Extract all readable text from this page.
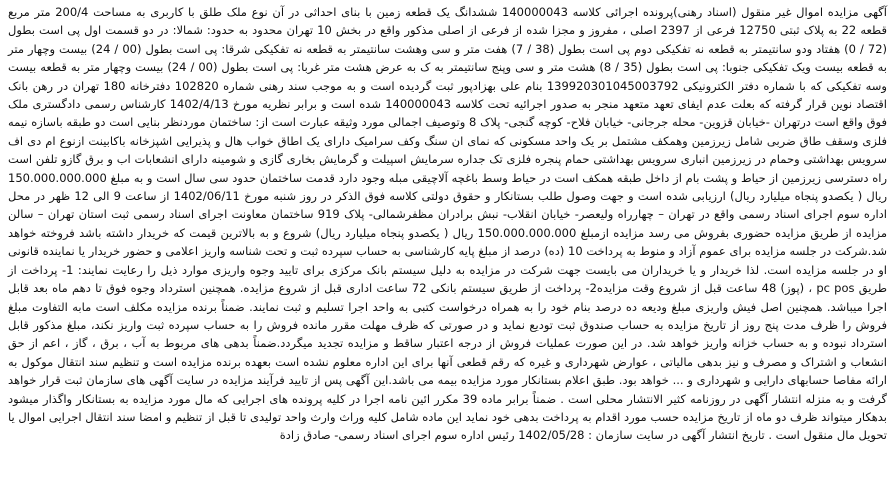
آگهی مزایده اموال غیر منقول (اسناد رهنی)پرونده اجرائی کلاسه 140000043 ششدانگ یک قطعه زمین با بنای احداثی در آن نوع ملک طلق با کاربری به مساحت 200/4 متر مربع قطعه 22 به پلاک ثبتی 12750 فرعی از 2397 اصلی ، مفروز و مجزا شده از فرعی از اصلی مذکور واقع در بخش 10 تهران محدود به حدود: شمالا: در دو قسمت اول پی است بطول (72 / 0) هفتاد ودو سانتیمتر به قطعه نه تفکیکی دوم پی است بطول (38 / 7) هفت متر و سی وهشت سانتیمتر به قطعه نه تفکیکی شرقا: پی است بطول (00 / 24) بیست وچهار متر به قطعه بیست ویک تفکیکی جنوبا: پی است بطول (35 / 8) هشت متر و سی وپنج سانتیمتر به ک به عرض هشت متر غربا: پی است بطول (00 / 24) بیست وچهار متر به قطعه بیست وسه تفکیکی که با شماره دفتر الکترونیکی 139920301045003792 بنام علی بهزادپور ثبت گردیده است و به موجب سند رهنی شماره 102820 دفترخانه 180 تهران در رهن بانک اقتصاد نوین قرار گرفته که بعلت عدم ایفای تعهد متعهد منجر به صدور اجرائیه تحت کلاسه 140000043 شده است و برابر نظریه مورخ 1402/4/13 کارشناس رسمی دادگستری ملک فوق واقع است درتهران -خیابان قزوین- محله جرجانی- خیابان فلاح- کوچه گنجی- پلاک 8 وتوصیف اجمالی مورد وثیقه عبارت است از: ساختمان موردنظر بنایی است دو طبقه باسازه نیمه فلزی وسقف طاق ضربی شامل زیرزمین وهمکف مشتمل بر یک واحد مسکونی که نمای ان سنگ وکف سرامیک دارای یک اطاق خواب هال و پذیرایی اشپزخانه باکابینت ازنوع ام دی اف سرویس بهداشتی وحمام در زیرزمین انباری سرویس بهداشتی حمام پنجره فلزی تک جداره سرمایش اسپیلت و گرمایش بخاری گازی و شومینه دارای انشعابات اب و برق گازو تلفن است راه دسترسی زیرزمین از حیاط و پشت بام از داخل طبقه همکف است در حیاط وسط باغچه آلاچیقی مبله وجود دارد قدمت ساختمان حدود سی سال است و به مبلغ 150.000.000.000 ریال ( یکصدو پنجاه میلیارد ریال) ارزیابی شده است و جهت وصول طلب بستانکار و حقوق دولتی کلاسه فوق الذکر در روز شنبه مورخ 1402/06/11 از ساعت 9 الی 12 ظهر در محل اداره سوم اجرای اسناد رسمی واقع در تهران – چهارراه ولیعصر- خیابان انقلاب- نبش برادران مظفرشمالی- پلاک 919 ساختمان معاونت اجرای اسناد رسمی ثبت استان تهران – سالن مزایده از طریق مزایده حضوری بفروش می رسد مزایده ازمبلغ 150.000.000.000 ریال ( یکصدو پنجاه میلیارد ریال) شروع و به بالاترین قیمت که خریدار داشته باشد فروخته خواهد شد.شرکت در جلسه مزایده برای عموم آزاد و منوط به پرداخت 10 (ده) درصد از مبلغ پایه کارشناسی به حساب سپرده ثبت و تحت شناسه واریز اعلامی و حضور خریدار یا نماینده قانونی او در جلسه مزایده است. لذا خریدار و یا خریداران می بایست جهت شرکت در مزایده به دلیل سیستم بانک مرکزی برای تایید وجوه واریزی موارد ذیل را رعایت نمایند: 1- پرداخت از طریق pc pos ، (پوز) 48 ساعت قبل از شروع وقت مزایده2- پرداخت از طریق سیستم بانکی 72 ساعت اداری قبل از شروع مزایده. همچنین استرداد وجوه فوق تا دهم ماه بعد قابل اجرا میباشد. همچنین اصل فیش واریزی مبلغ ودیعه ده درصد بنام خود را به همراه درخواست کتبی به واحد اجرا تسلیم و ثبت نمایند. ضمناً برنده مزایده مکلف است مابه التفاوت مبلغ فروش را ظرف مدت پنج روز از تاریخ مزایده به حساب صندوق ثبت تودیع نماید و در صورتی که ظرف مهلت مقرر مانده فروش را به حساب سپرده ثبت واریز نکند، مبلغ مذکور قابل استرداد نبوده و به حساب خزانه واریز خواهد شد. در این صورت عملیات فروش از درجه اعتبار ساقط و مزایده تجدید میگردد.ضمناً بدهی های مربوط به آب ، برق ، گاز ، اعم از حق انشعاب و اشتراک و مصرف و نیز بدهی مالیاتی ، عوارض شهرداری و غیره که رقم قطعی آنها برای این اداره معلوم نشده است بعهده برنده مزایده است و تنظیم سند انتقال موکول به ارائه مفاصا حسابهای دارایی و شهرداری و ... خواهد بود. طبق اعلام بستانکار مورد مزایده بیمه می باشد.این آگهی پس از تایید فرآیند مزایده در سایت آگهی های سازمان ثبت قرار خواهد گرفت و به منزله انتشار آگهی در روزنامه کثیر الانتشار محلی است . ضمناً برابر ماده 39 مکرر ائین نامه اجرا در کلیه پرونده های اجرایی که مال مورد مزایده به بستانکار واگذار میشود بدهکار میتواند ظرف دو ماه از تاریخ مزایده حسب مورد اقدام به پرداخت بدهی خود نماید این ماده شامل کلیه وراث وارث واحد تولیدی تا قبل از تنظیم و امضا سند انتقال اجرایی اموال یا تحویل مال منقول است . تاریخ انتشار آگهی در سایت سازمان : 1402/05/28 رئیس اداره سوم اجرای اسناد رسمی- صادق زادة
